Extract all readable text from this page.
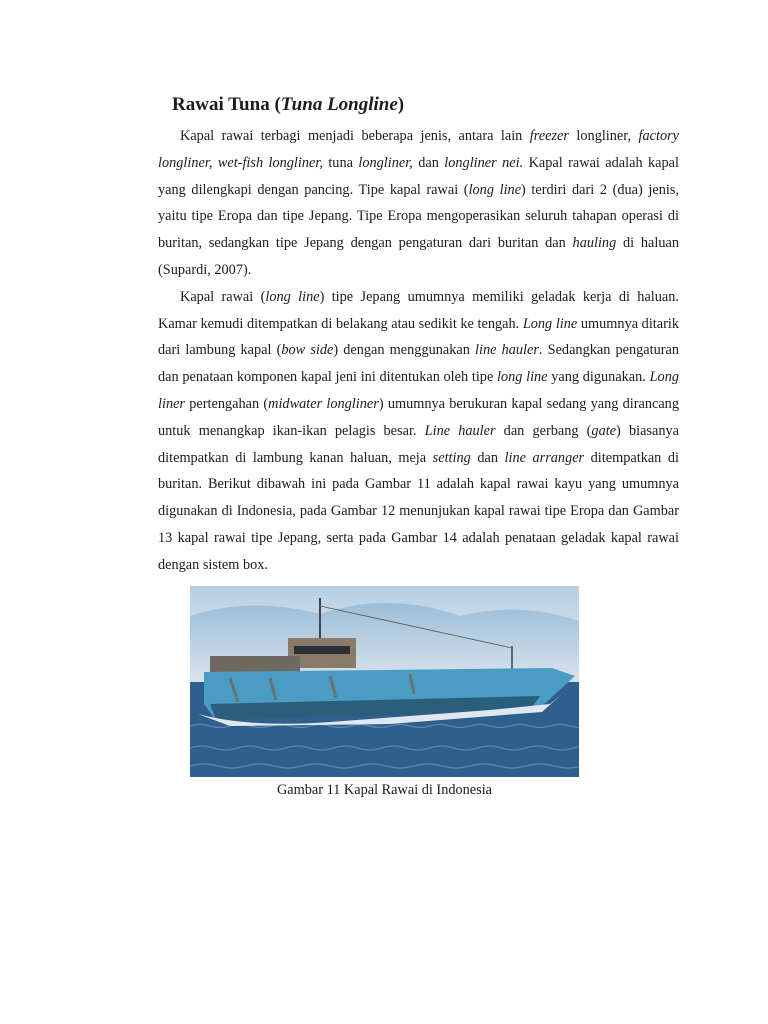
Rawai Tuna (Tuna Longline)

Kapal rawai terbagi menjadi beberapa jenis, antara lain freezer longliner, factory longliner, wet-fish longliner, tuna longliner, dan longliner nei. Kapal rawai adalah kapal yang dilengkapi dengan pancing. Tipe kapal rawai (long line) terdiri dari 2 (dua) jenis, yaitu tipe Eropa dan tipe Jepang. Tipe Eropa mengoperasikan seluruh tahapan operasi di buritan, sedangkan tipe Jepang dengan pengaturan dari buritan dan hauling di haluan (Supardi, 2007).

Kapal rawai (long line) tipe Jepang umumnya memiliki geladak kerja di haluan. Kamar kemudi ditempatkan di belakang atau sedikit ke tengah. Long line umumnya ditarik dari lambung kapal (bow side) dengan menggunakan line hauler. Sedangkan pengaturan dan penataan komponen kapal jeni ini ditentukan oleh tipe long line yang digunakan. Long liner pertengahan (midwater longliner) umumnya berukuran kapal sedang yang dirancang untuk menangkap ikan-ikan pelagis besar. Line hauler dan gerbang (gate) biasanya ditempatkan di lambung kanan haluan, meja setting dan line arranger ditempatkan di buritan. Berikut dibawah ini pada Gambar 11 adalah kapal rawai kayu yang umumnya digunakan di Indonesia, pada Gambar 12 menunjukan kapal rawai tipe Eropa dan Gambar 13 kapal rawai tipe Jepang, serta pada Gambar 14 adalah penataan geladak kapal rawai dengan sistem box.

Gambar 11 Kapal Rawai di Indonesia
